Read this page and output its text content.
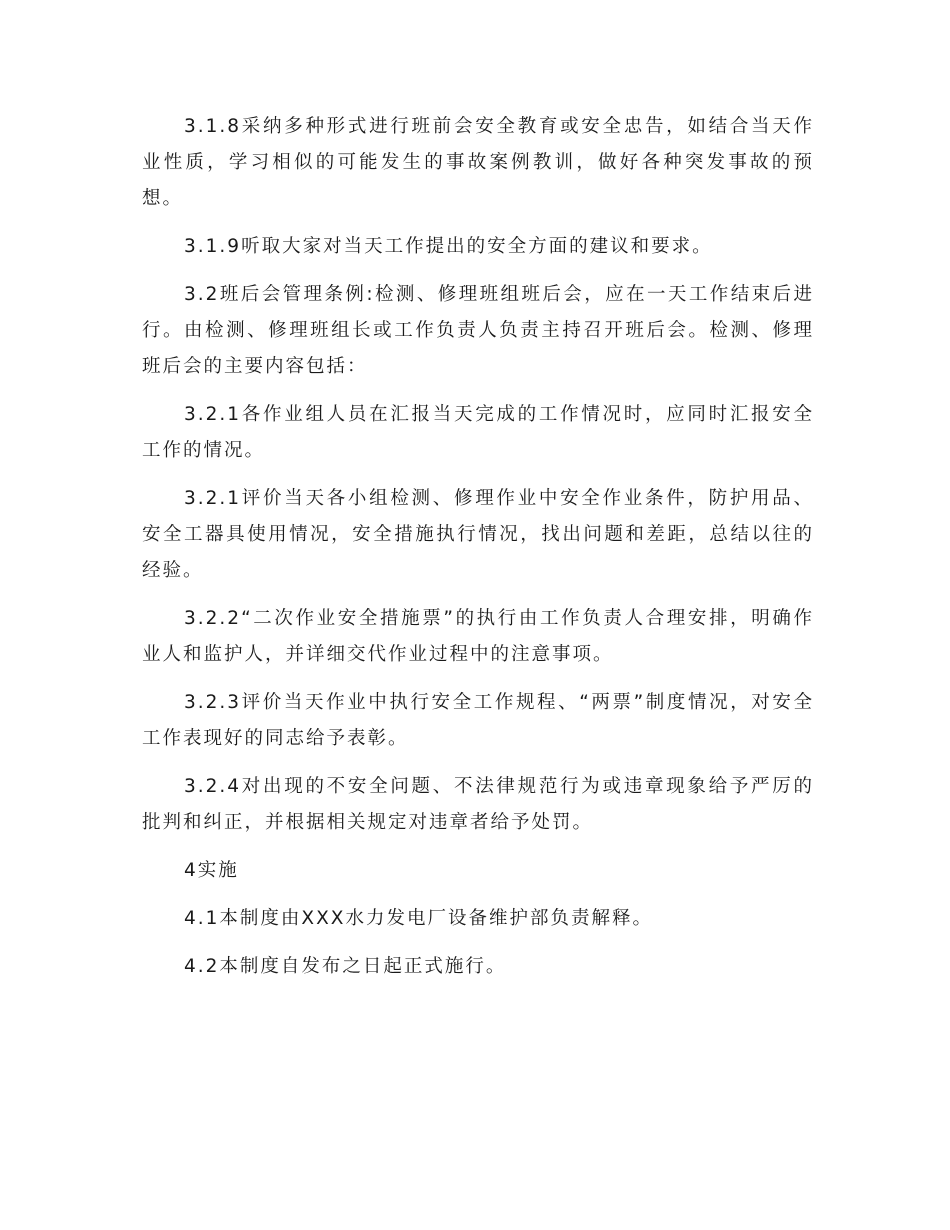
3.1.8采纳多种形式进行班前会安全教育或安全忠告，如结合当天作业性质，学习相似的可能发生的事故案例教训，做好各种突发事故的预想。

3.1.9听取大家对当天工作提出的安全方面的建议和要求。

3.2班后会管理条例:检测、修理班组班后会，应在一天工作结束后进行。由检测、修理班组长或工作负责人负责主持召开班后会。检测、修理班后会的主要内容包括：

3.2.1各作业组人员在汇报当天完成的工作情况时，应同时汇报安全工作的情况。

3.2.1评价当天各小组检测、修理作业中安全作业条件，防护用品、安全工器具使用情况，安全措施执行情况，找出问题和差距，总结以往的经验。

3.2.2“二次作业安全措施票”的执行由工作负责人合理安排，明确作业人和监护人，并详细交代作业过程中的注意事项。

3.2.3评价当天作业中执行安全工作规程、“两票”制度情况，对安全工作表现好的同志给予表彰。

3.2.4对出现的不安全问题、不法律规范行为或违章现象给予严厉的批判和纠正，并根据相关规定对违章者给予处罚。

4实施

4.1本制度由XXX水力发电厂设备维护部负责解释。

4.2本制度自发布之日起正式施行。
